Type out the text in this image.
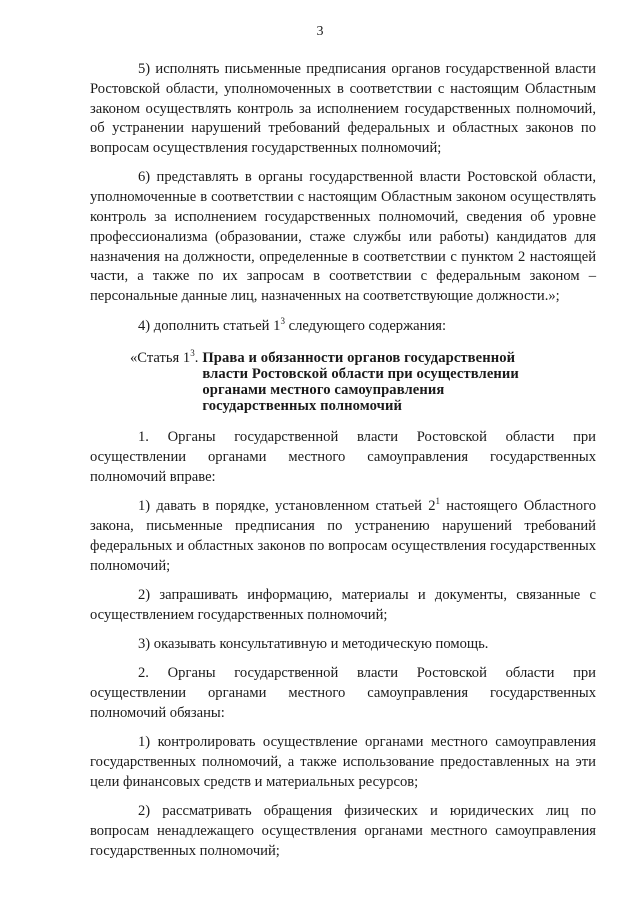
3

5) исполнять письменные предписания органов государственной власти Ростовской области, уполномоченных в соответствии с настоящим Областным законом осуществлять контроль за исполнением государственных полномочий, об устранении нарушений требований федеральных и областных законов по вопросам осуществления государственных полномочий;

6) представлять в органы государственной власти Ростовской области, уполномоченные в соответствии с настоящим Областным законом осуществлять контроль за исполнением государственных полномочий, сведения об уровне профессионализма (образовании, стаже службы или работы) кандидатов для назначения на должности, определенные в соответствии с пунктом 2 настоящей части, а также по их запросам в соответствии с федеральным законом – персональные данные лиц, назначенных на соответствующие должности.»;

4) дополнить статьей $1^3$ следующего содержания:

«Статья $1^3$. Права и обязанности органов государственной власти Ростовской области при осуществлении органами местного самоуправления государственных полномочий

1. Органы государственной власти Ростовской области при осуществлении органами местного самоуправления государственных полномочий вправе:

1) давать в порядке, установленном статьей $2^1$ настоящего Областного закона, письменные предписания по устранению нарушений требований федеральных и областных законов по вопросам осуществления государственных полномочий;

2) запрашивать информацию, материалы и документы, связанные с осуществлением государственных полномочий;

3) оказывать консультативную и методическую помощь.

2. Органы государственной власти Ростовской области при осуществлении органами местного самоуправления государственных полномочий обязаны:

1) контролировать осуществление органами местного самоуправления государственных полномочий, а также использование предоставленных на эти цели финансовых средств и материальных ресурсов;

2) рассматривать обращения физических и юридических лиц по вопросам ненадлежащего осуществления органами местного самоуправления государственных полномочий;
